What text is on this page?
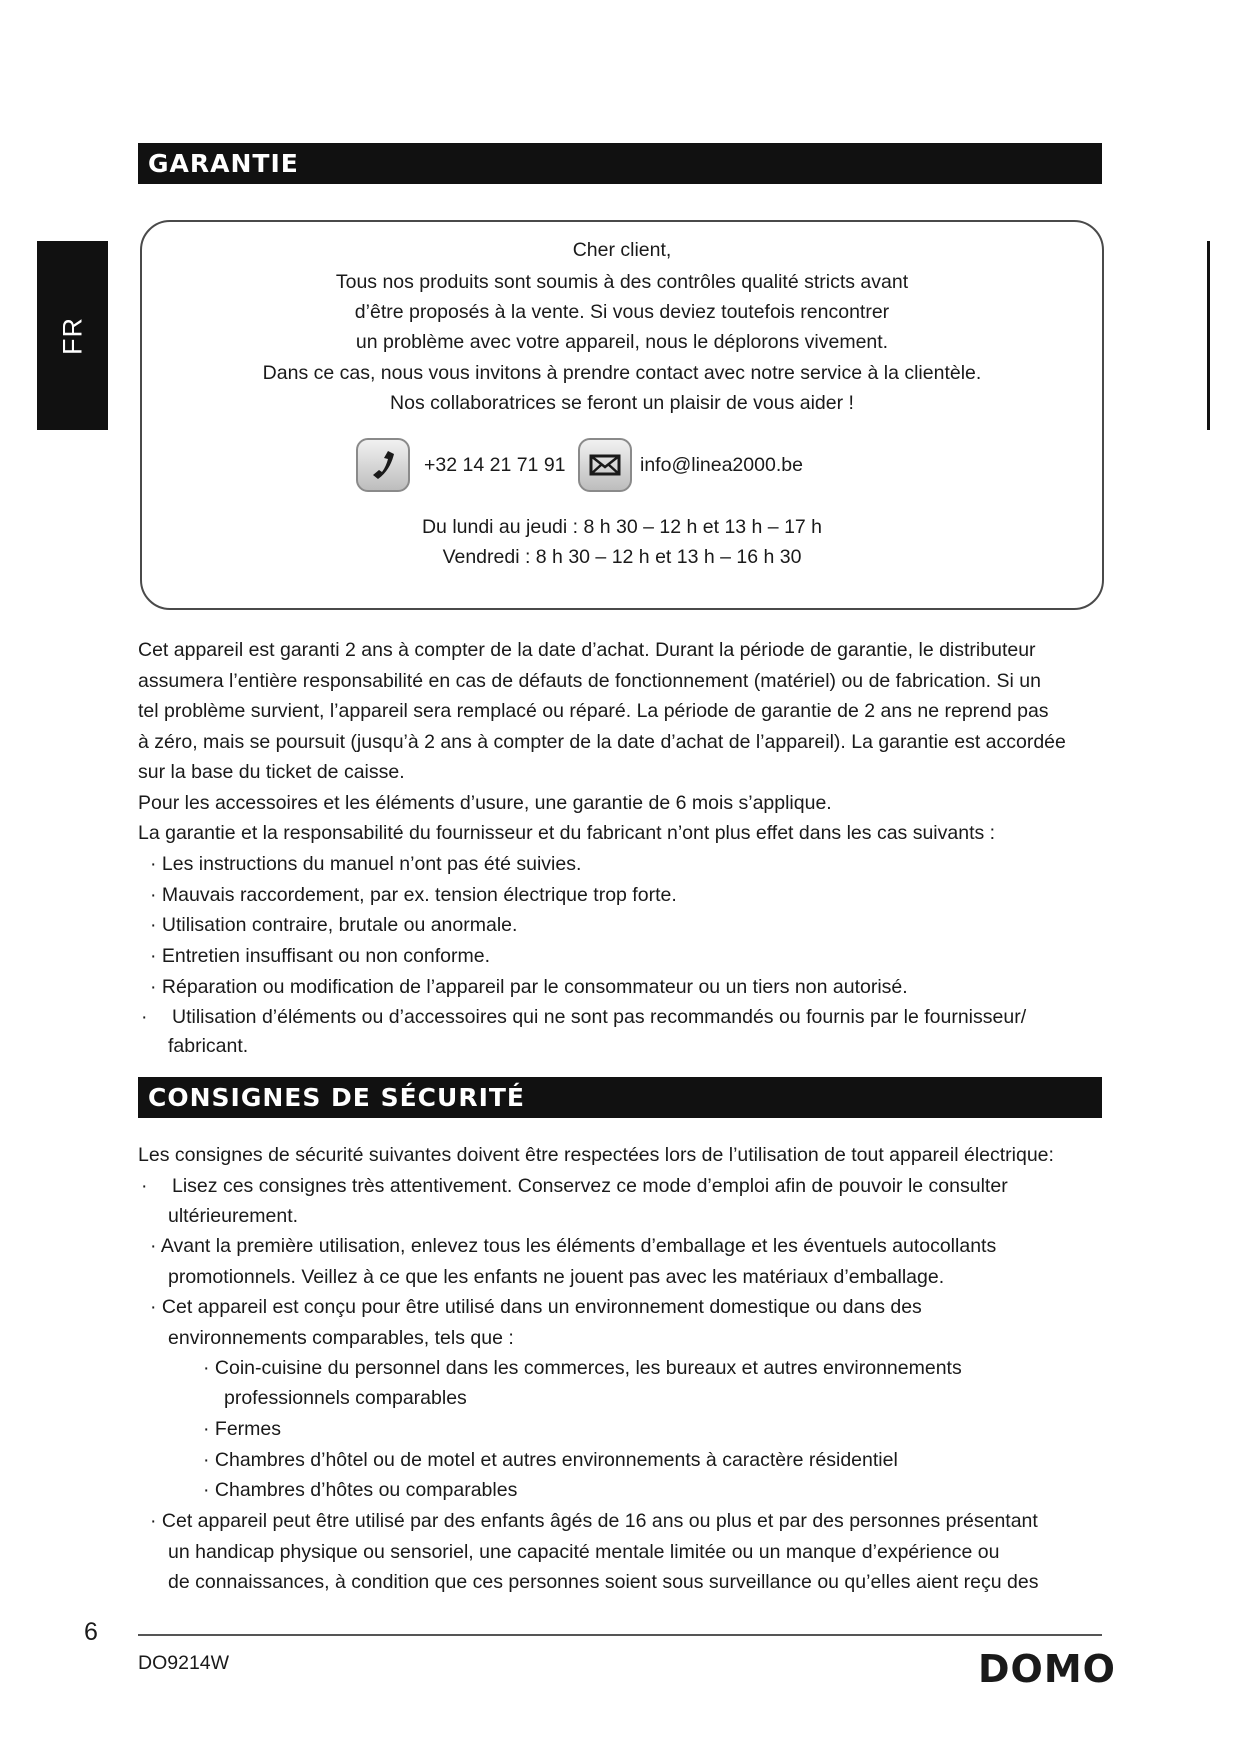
GARANTIE
FR
Cher client,
Tous nos produits sont soumis à des contrôles qualité stricts avant
d’être proposés à la vente. Si vous deviez toutefois rencontrer
un problème avec votre appareil, nous le déplorons vivement.
Dans ce cas, nous vous invitons à prendre contact avec notre service à la clientèle.
Nos collaboratrices se feront un plaisir de vous aider !
+32 14 21 71 91	info@linea2000.be
Du lundi au jeudi : 8 h 30 – 12 h et 13 h – 17 h
Vendredi : 8 h 30 – 12 h et 13 h – 16 h 30
Cet appareil est garanti 2 ans à compter de la date d’achat. Durant la période de garantie, le distributeur
assumera l’entière responsabilité en cas de défauts de fonctionnement (matériel) ou de fabrication. Si un
tel problème survient, l’appareil sera remplacé ou réparé. La période de garantie de 2 ans ne reprend pas
à zéro, mais se poursuit (jusqu’à 2 ans à compter de la date d’achat de l’appareil). La garantie est accordée
sur la base du ticket de caisse.
Pour les accessoires et les éléments d’usure, une garantie de 6 mois s’applique.
La garantie et la responsabilité du fournisseur et du fabricant n’ont plus effet dans les cas suivants :
· Les instructions du manuel n’ont pas été suivies.
· Mauvais raccordement, par ex. tension électrique trop forte.
· Utilisation contraire, brutale ou anormale.
· Entretien insuffisant ou non conforme.
· Réparation ou modification de l’appareil par le consommateur ou un tiers non autorisé.
· Utilisation d’éléments ou d’accessoires qui ne sont pas recommandés ou fournis par le fournisseur/
fabricant.
CONSIGNES DE SÉCURITÉ
Les consignes de sécurité suivantes doivent être respectées lors de l’utilisation de tout appareil électrique:
· Lisez ces consignes très attentivement. Conservez ce mode d’emploi afin de pouvoir le consulter
ultérieurement.
· Avant la première utilisation, enlevez tous les éléments d’emballage et les éventuels autocollants
promotionnels. Veillez à ce que les enfants ne jouent pas avec les matériaux d’emballage.
· Cet appareil est conçu pour être utilisé dans un environnement domestique ou dans des
environnements comparables, tels que :
· Coin-cuisine du personnel dans les commerces, les bureaux et autres environnements
professionnels comparables
· Fermes
· Chambres d’hôtel ou de motel et autres environnements à caractère résidentiel
· Chambres d’hôtes ou comparables
· Cet appareil peut être utilisé par des enfants âgés de 16 ans ou plus et par des personnes présentant
un handicap physique ou sensoriel, une capacité mentale limitée ou un manque d’expérience ou
de connaissances, à condition que ces personnes soient sous surveillance ou qu’elles aient reçu des
6
DO9214W	DOMO
